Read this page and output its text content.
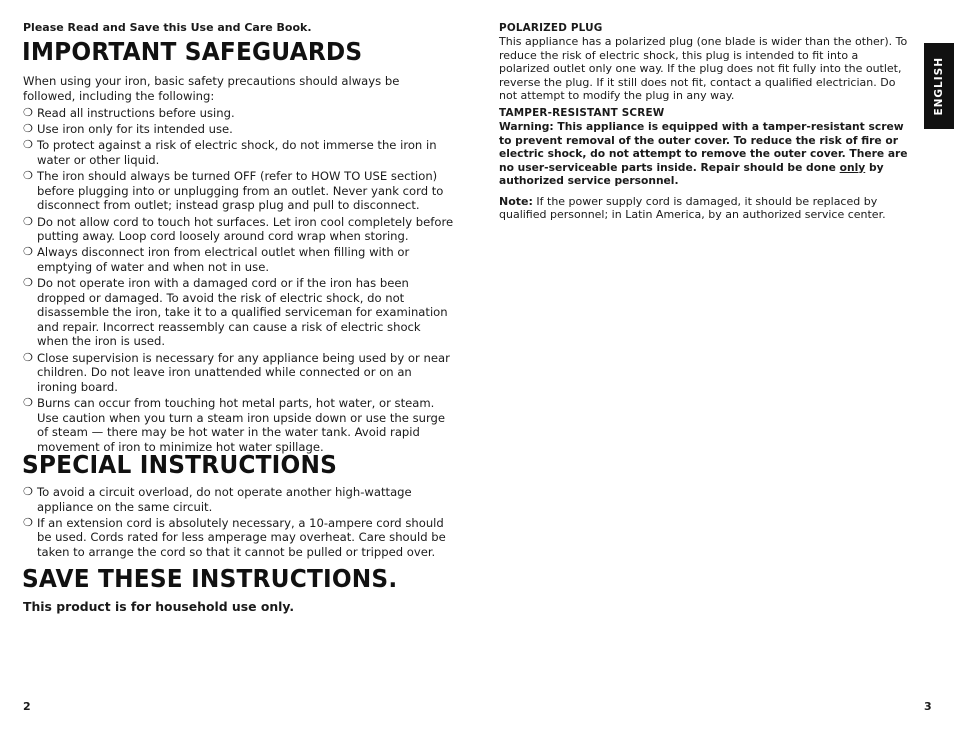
Please Read and Save this Use and Care Book.
IMPORTANT SAFEGUARDS
When using your iron, basic safety precautions should always be followed, including the following:
❍ Read all instructions before using.
❍ Use iron only for its intended use.
❍ To protect against a risk of electric shock, do not immerse the iron in water or other liquid.
❍ The iron should always be turned OFF (refer to HOW TO USE section) before plugging into or unplugging from an outlet. Never yank cord to disconnect from outlet; instead grasp plug and pull to disconnect.
❍ Do not allow cord to touch hot surfaces. Let iron cool completely before putting away. Loop cord loosely around cord wrap when storing.
❍ Always disconnect iron from electrical outlet when filling with or emptying of water and when not in use.
❍ Do not operate iron with a damaged cord or if the iron has been dropped or damaged. To avoid the risk of electric shock, do not disassemble the iron, take it to a qualified serviceman for examination and repair. Incorrect reassembly can cause a risk of electric shock when the iron is used.
❍ Close supervision is necessary for any appliance being used by or near children. Do not leave iron unattended while connected or on an ironing board.
❍ Burns can occur from touching hot metal parts, hot water, or steam. Use caution when you turn a steam iron upside down or use the surge of steam — there may be hot water in the water tank. Avoid rapid movement of iron to minimize hot water spillage.
SPECIAL INSTRUCTIONS
❍ To avoid a circuit overload, do not operate another high-wattage appliance on the same circuit.
❍ If an extension cord is absolutely necessary, a 10-ampere cord should be used. Cords rated for less amperage may overheat. Care should be taken to arrange the cord so that it cannot be pulled or tripped over.
SAVE THESE INSTRUCTIONS.
This product is for household use only.
2
POLARIZED PLUG
This appliance has a polarized plug (one blade is wider than the other). To reduce the risk of electric shock, this plug is intended to fit into a polarized outlet only one way. If the plug does not fit fully into the outlet, reverse the plug. If it still does not fit, contact a qualified electrician. Do not attempt to modify the plug in any way.
TAMPER-RESISTANT SCREW
Warning: This appliance is equipped with a tamper-resistant screw to prevent removal of the outer cover. To reduce the risk of fire or electric shock, do not attempt to remove the outer cover. There are no user-serviceable parts inside. Repair should be done only by authorized service personnel.
Note: If the power supply cord is damaged, it should be replaced by qualified personnel; in Latin America, by an authorized service center.
ENGLISH
3
